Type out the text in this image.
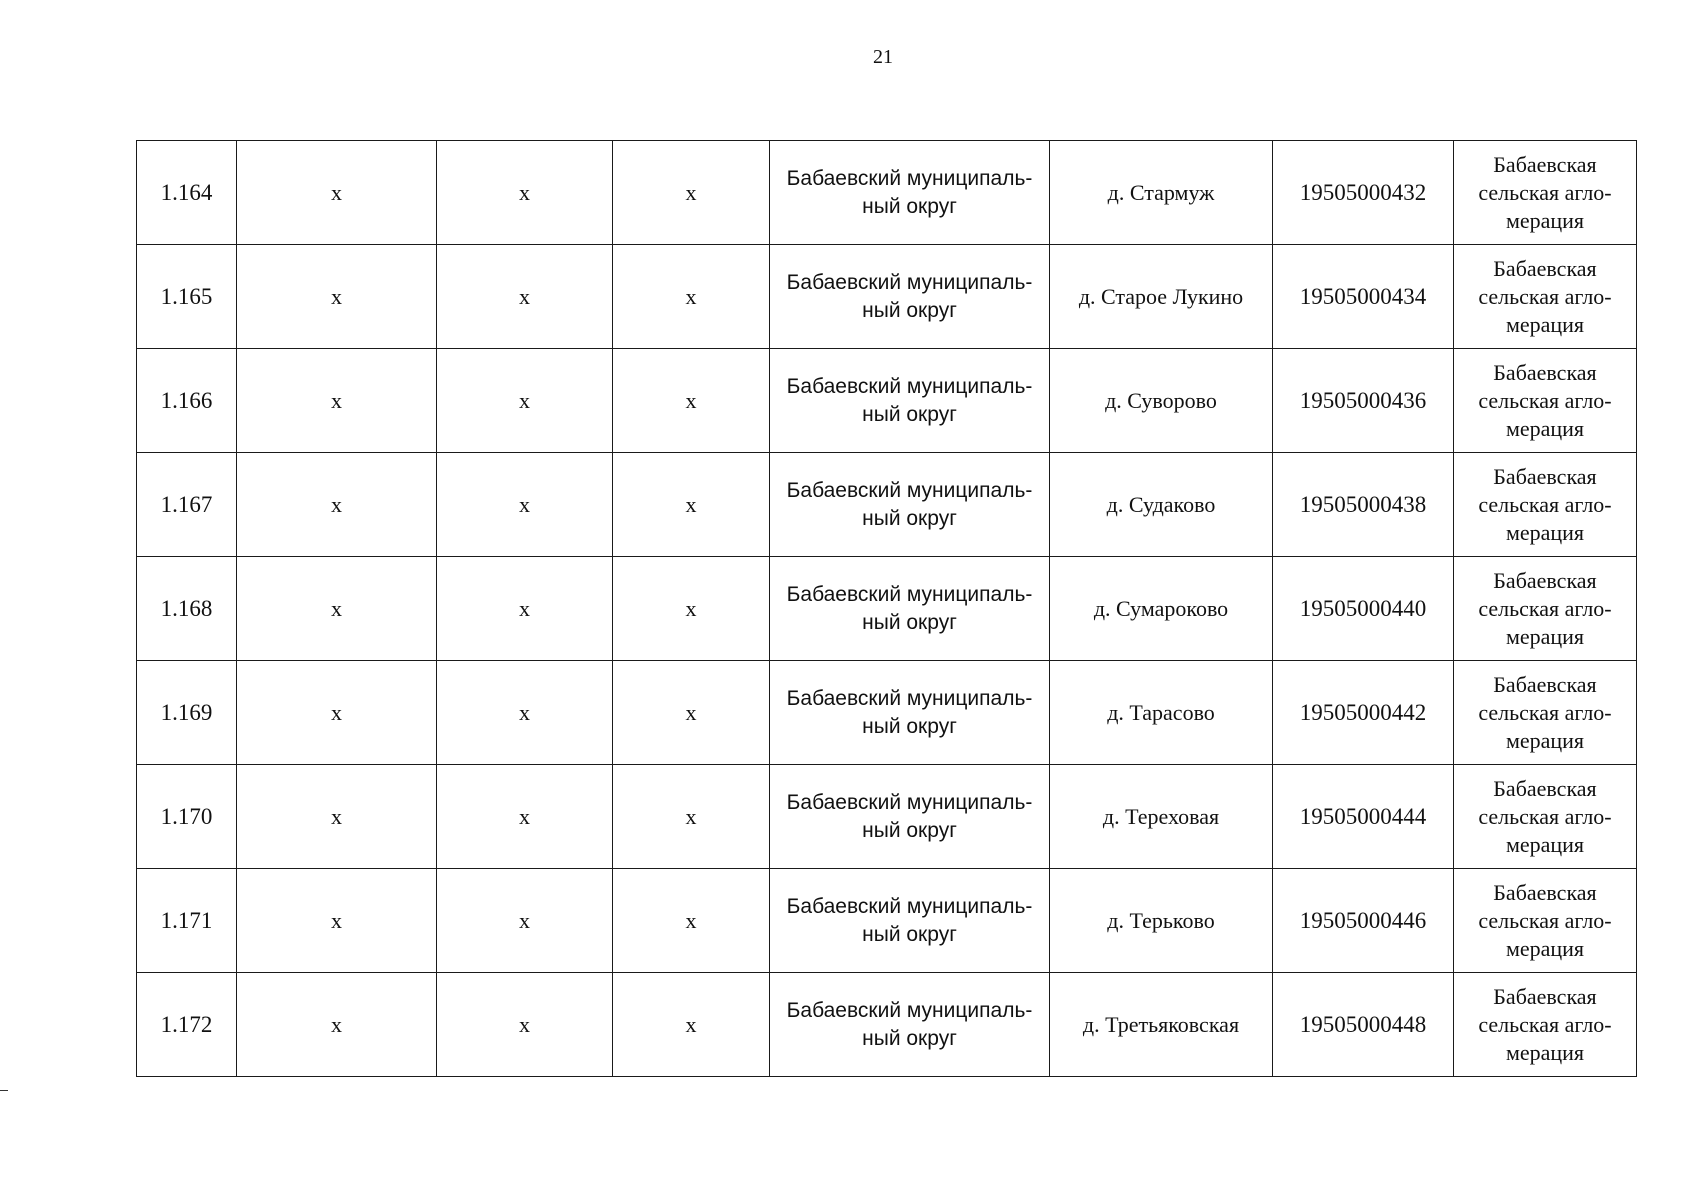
21
1.164	x	x	x	Бабаевский муниципаль-
ный округ	д. Стармуж	19505000432	Бабаевская
сельская агло-
мерация
1.165	x	x	x	Бабаевский муниципаль-
ный округ	д. Старое Лукино	19505000434	Бабаевская
сельская агло-
мерация
1.166	x	x	x	Бабаевский муниципаль-
ный округ	д. Суворово	19505000436	Бабаевская
сельская агло-
мерация
1.167	x	x	x	Бабаевский муниципаль-
ный округ	д. Судаково	19505000438	Бабаевская
сельская агло-
мерация
1.168	x	x	x	Бабаевский муниципаль-
ный округ	д. Сумароково	19505000440	Бабаевская
сельская агло-
мерация
1.169	x	x	x	Бабаевский муниципаль-
ный округ	д. Тарасово	19505000442	Бабаевская
сельская агло-
мерация
1.170	x	x	x	Бабаевский муниципаль-
ный округ	д. Тереховая	19505000444	Бабаевская
сельская агло-
мерация
1.171	x	x	x	Бабаевский муниципаль-
ный округ	д. Терьково	19505000446	Бабаевская
сельская агло-
мерация
1.172	x	x	x	Бабаевский муниципаль-
ный округ	д. Третьяковская	19505000448	Бабаевская
сельская агло-
мерация
